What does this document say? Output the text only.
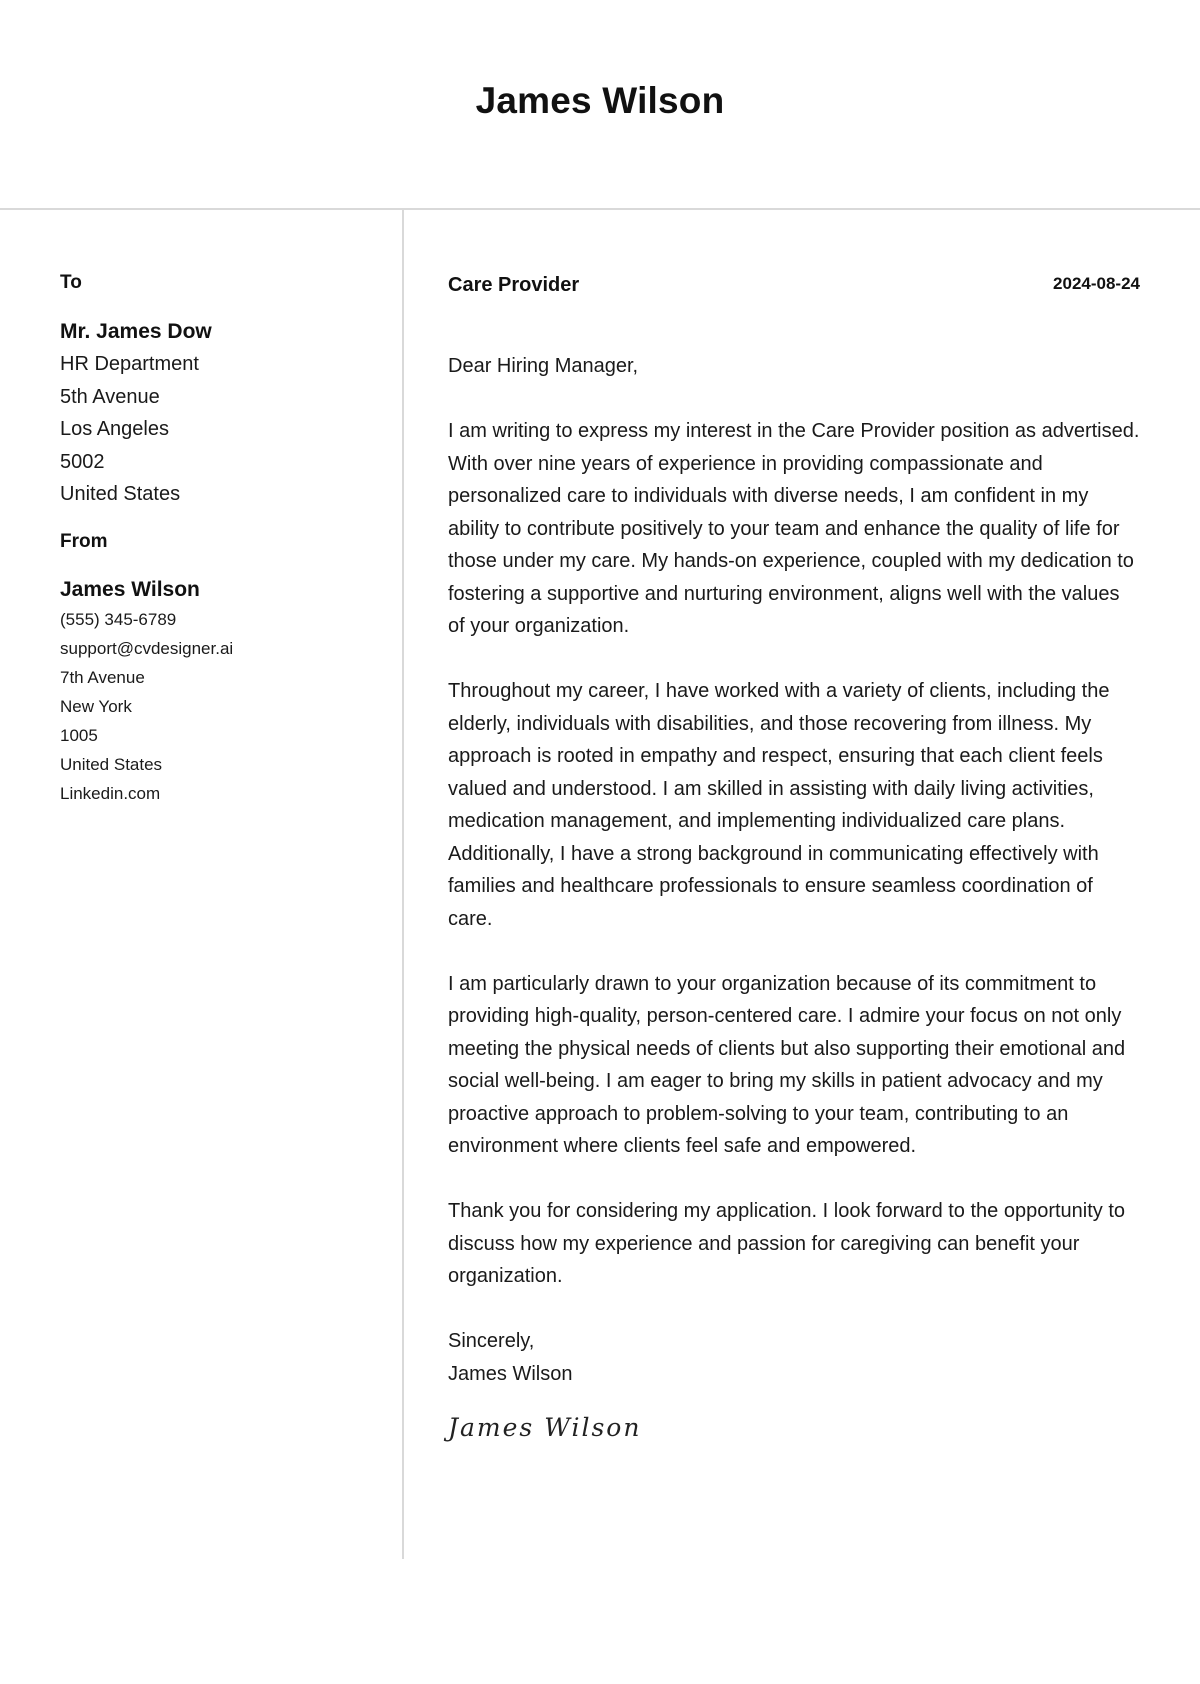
James Wilson
To
Mr. James Dow
HR Department
5th Avenue
Los Angeles
5002
United States
From
James Wilson
(555) 345-6789
support@cvdesigner.ai
7th Avenue
New York
1005
United States
Linkedin.com
Care Provider	2024-08-24

Dear Hiring Manager,

I am writing to express my interest in the Care Provider position as advertised. With over nine years of experience in providing compassionate and personalized care to individuals with diverse needs, I am confident in my ability to contribute positively to your team and enhance the quality of life for those under my care. My hands-on experience, coupled with my dedication to fostering a supportive and nurturing environment, aligns well with the values of your organization.

Throughout my career, I have worked with a variety of clients, including the elderly, individuals with disabilities, and those recovering from illness. My approach is rooted in empathy and respect, ensuring that each client feels valued and understood. I am skilled in assisting with daily living activities, medication management, and implementing individualized care plans. Additionally, I have a strong background in communicating effectively with families and healthcare professionals to ensure seamless coordination of care.

I am particularly drawn to your organization because of its commitment to providing high-quality, person-centered care. I admire your focus on not only meeting the physical needs of clients but also supporting their emotional and social well-being. I am eager to bring my skills in patient advocacy and my proactive approach to problem-solving to your team, contributing to an environment where clients feel safe and empowered.

Thank you for considering my application. I look forward to the opportunity to discuss how my experience and passion for caregiving can benefit your organization.

Sincerely,

James Wilson

James Wilson
